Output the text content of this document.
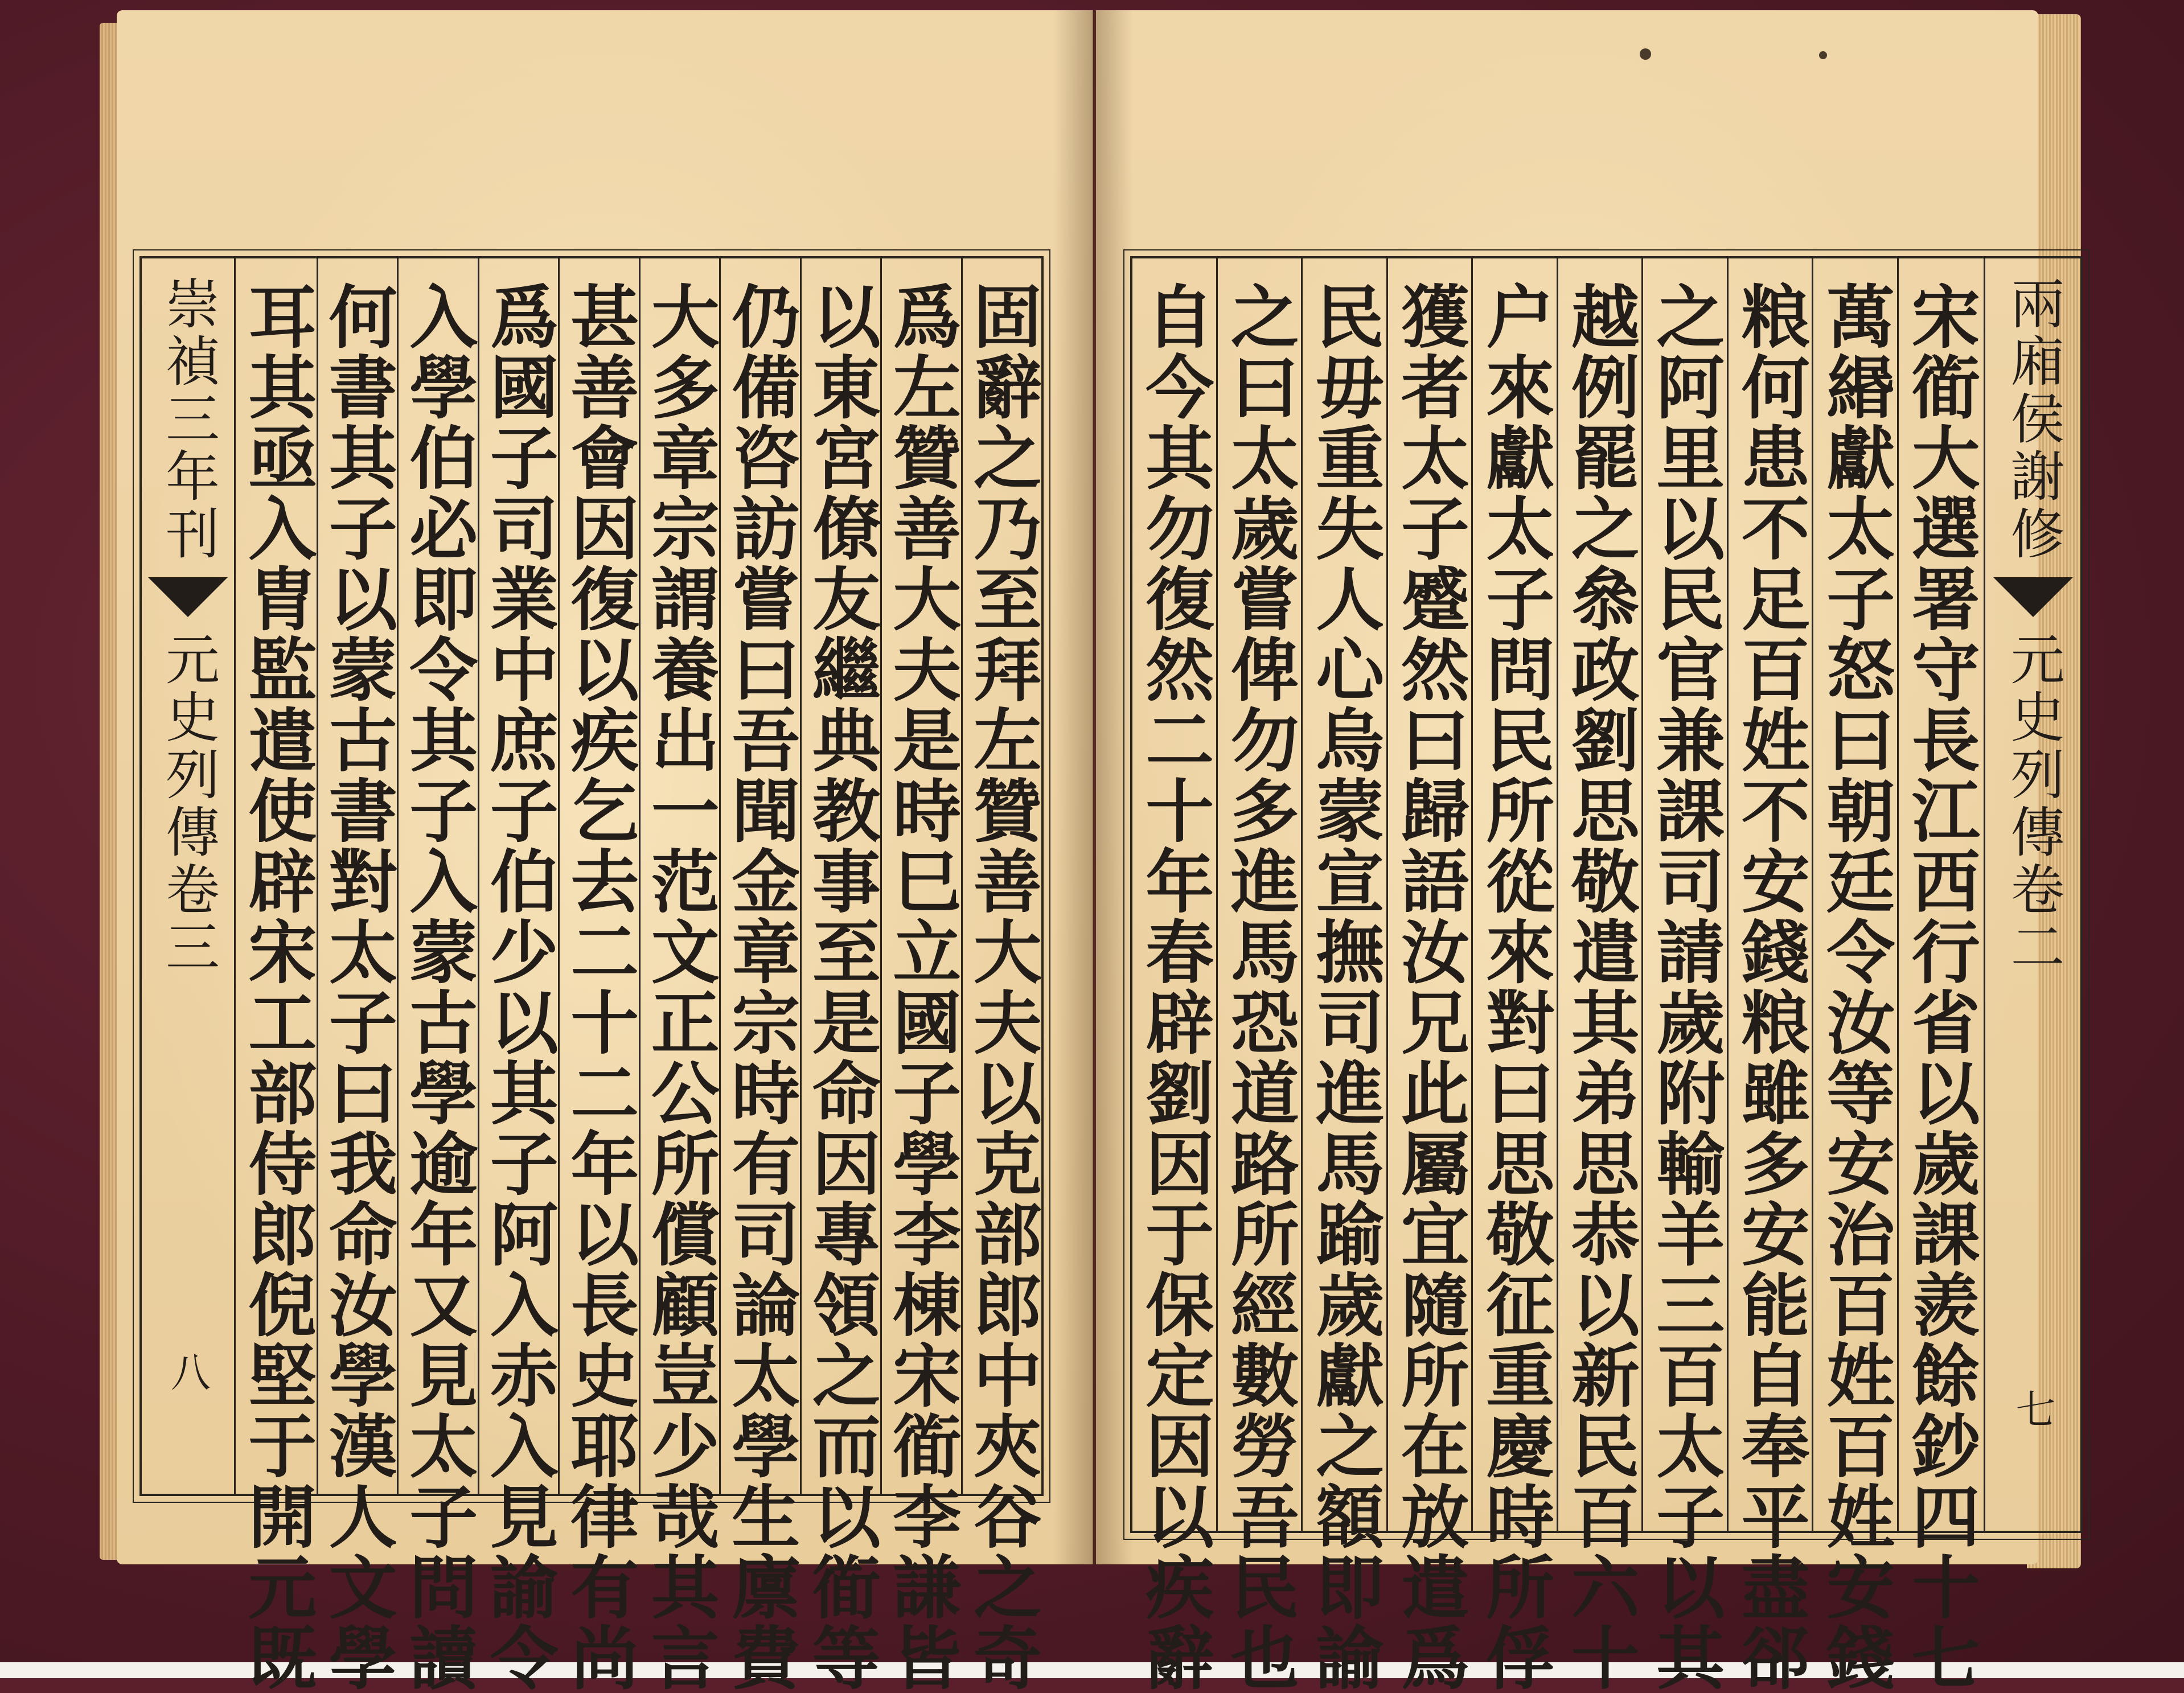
崇禎三年刊
元史列傳卷三
八	固辭之乃至拜左贊善大夫以克部郎中夾谷之奇
爲左贊善大夫是時巳立國子學李棟宋衜李謙皆
以東宮僚友繼典教事至是命因專領之而以衜等
仍備咨訪嘗曰吾聞金章宗時有司論太學生廪費
大多章宗謂養出一范文正公所償顧豈少哉其言
甚善會因復以疾乞去二十二年以長史耶律有尚
爲國子司業中庶子伯少以其子阿入赤入見諭令
入學伯必即令其子入蒙古學逾年又見太子問讀
何書其子以蒙古書對太子曰我命汝學漢人文學
耳其亟入胄監遣使辟宋工部侍郎倪堅于開元既	宋衜大選署守長江西行省以歲課羨餘鈔四十七
萬緡獻太子怒曰朝廷令汝等安治百姓百姓安錢
粮何患不足百姓不安錢粮雖多安能自奉平盡郤
之阿里以民官兼課司請歲附輸羊三百太子以其
越例罷之叅政劉思敬遣其弟思恭以新民百六十
户來獻太子問民所從來對曰思敬征重慶時所俘
獲者太子蹙然曰歸語汝兄此屬宜隨所在放遣爲
民毋重失人心烏蒙宣撫司進馬踰歲獻之額即諭
之曰太歲嘗俾勿多進馬恐道路所經數勞吾民也
自今其勿復然二十年春辟劉因于保定因以疾辭	兩廂侯謝修
元史列傳卷二
七
